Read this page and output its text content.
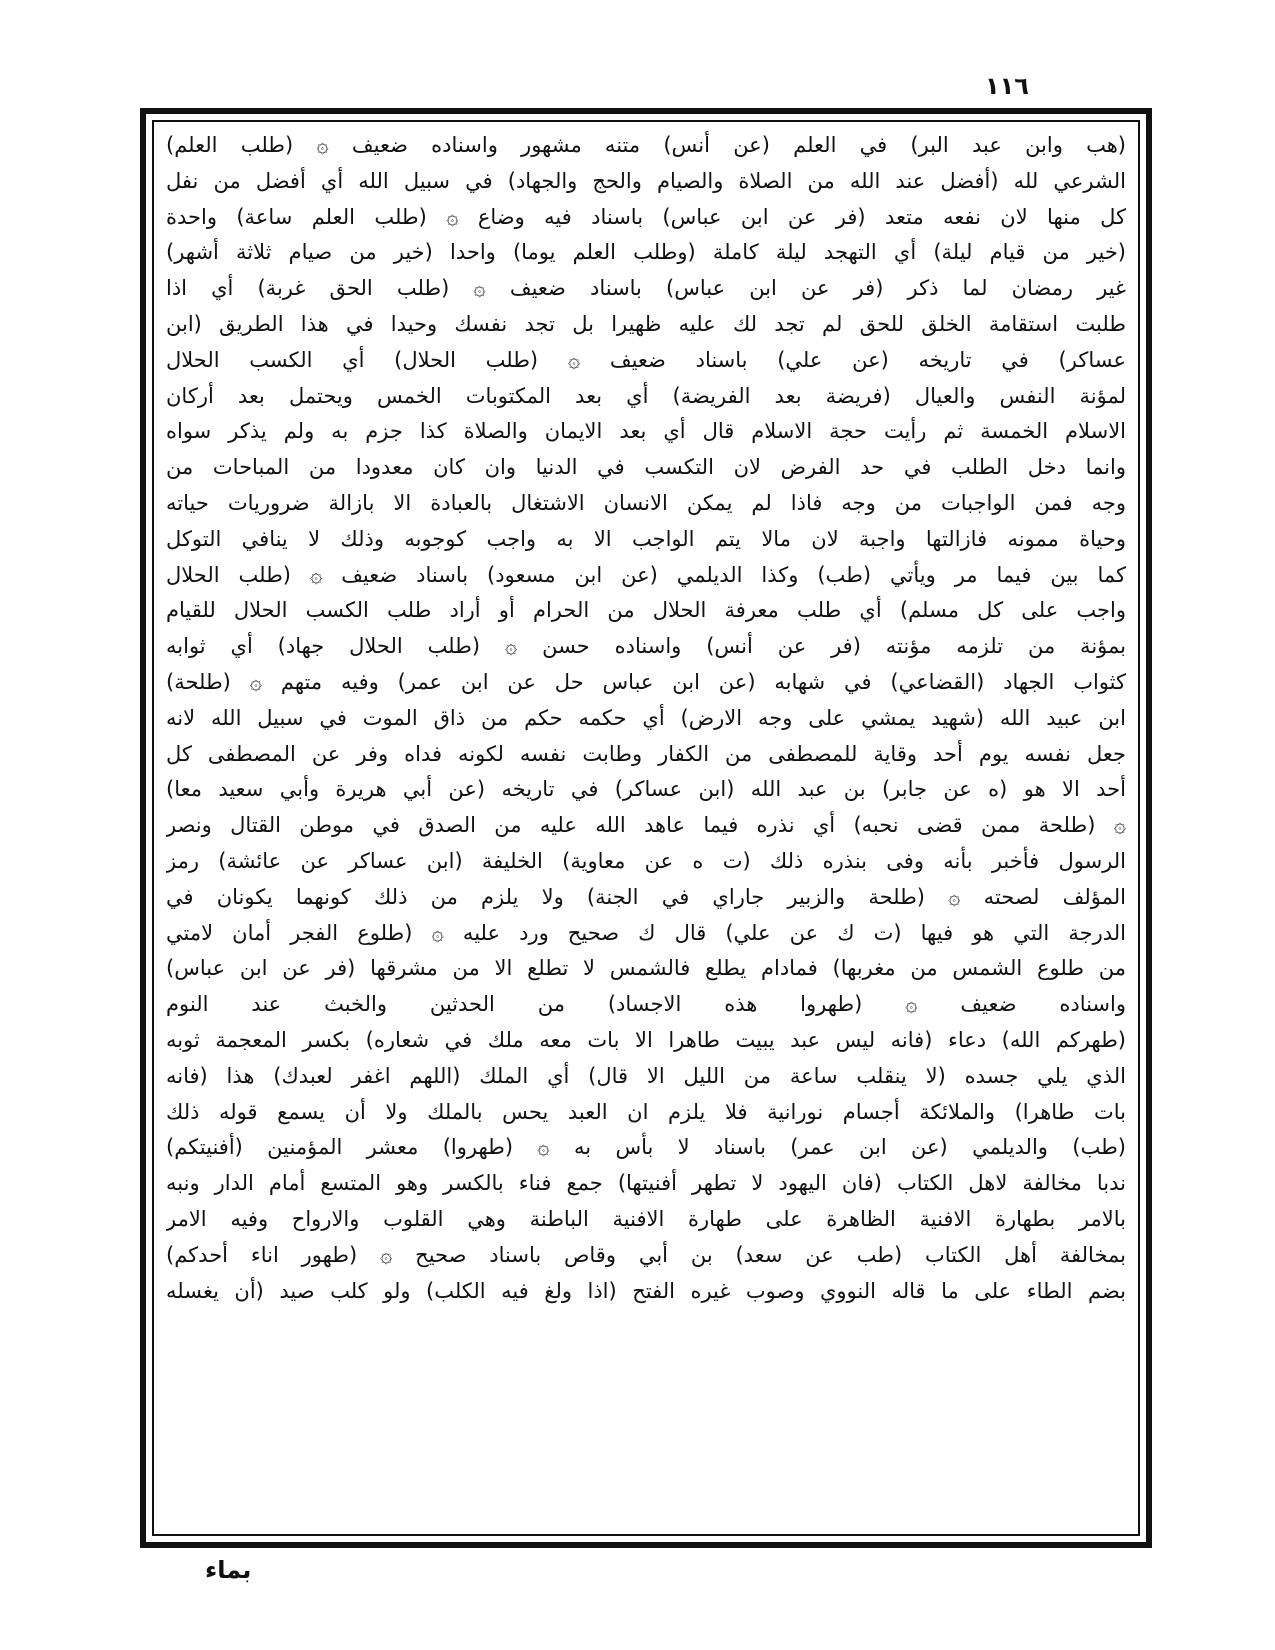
١١٦
(هب وابن عبد البر) في العلم (عن أنس) متنه مشهور واسناده ضعيف ۞ (طلب العلم)
الشرعي لله (أفضل عند الله من الصلاة والصيام والحج والجهاد) في سبيل الله أي أفضل من نفل
كل منها لان نفعه متعد (فر عن ابن عباس) باسناد فيه وضاع ۞ (طلب العلم ساعة) واحدة
(خير من قيام ليلة) أي التهجد ليلة كاملة (وطلب العلم يوما) واحدا (خير من صيام ثلاثة أشهر)
غير رمضان لما ذكر (فر عن ابن عباس) باسناد ضعيف ۞ (طلب الحق غربة) أي اذا
طلبت استقامة الخلق للحق لم تجد لك عليه ظهيرا بل تجد نفسك وحيدا في هذا الطريق (ابن
عساكر) في تاريخه (عن علي) باسناد ضعيف ۞ (طلب الحلال) أي الكسب الحلال
لمؤنة النفس والعيال (فريضة بعد الفريضة) أي بعد المكتوبات الخمس ويحتمل بعد أركان
الاسلام الخمسة ثم رأيت حجة الاسلام قال أي بعد الايمان والصلاة كذا جزم به ولم يذكر سواه
وانما دخل الطلب في حد الفرض لان التكسب في الدنيا وان كان معدودا من المباحات من
وجه فمن الواجبات من وجه فاذا لم يمكن الانسان الاشتغال بالعبادة الا بازالة ضروريات حياته
وحياة ممونه فازالتها واجبة لان مالا يتم الواجب الا به واجب كوجوبه وذلك لا ينافي التوكل
كما بين فيما مر ويأتي (طب) وكذا الديلمي (عن ابن مسعود) باسناد ضعيف ۞ (طلب الحلال
واجب على كل مسلم) أي طلب معرفة الحلال من الحرام أو أراد طلب الكسب الحلال للقيام
بمؤنة من تلزمه مؤنته (فر عن أنس) واسناده حسن ۞ (طلب الحلال جهاد) أي ثوابه
كثواب الجهاد (القضاعي) في شهابه (عن ابن عباس حل عن ابن عمر) وفيه متهم ۞ (طلحة)
ابن عبيد الله (شهيد يمشي على وجه الارض) أي حكمه حكم من ذاق الموت في سبيل الله لانه
جعل نفسه يوم أحد وقاية للمصطفى من الكفار وطابت نفسه لكونه فداه وفر عن المصطفى كل
أحد الا هو (ه عن جابر) بن عبد الله (ابن عساكر) في تاريخه (عن أبي هريرة وأبي سعيد معا)
۞ (طلحة ممن قضى نحبه) أي نذره فيما عاهد الله عليه من الصدق في موطن القتال ونصر
الرسول فأخبر بأنه وفى بنذره ذلك (ت ه عن معاوية) الخليفة (ابن عساكر عن عائشة) رمز
المؤلف لصحته ۞ (طلحة والزبير جاراي في الجنة) ولا يلزم من ذلك كونهما يكونان في
الدرجة التي هو فيها (ت ك عن علي) قال ك صحيح ورد عليه ۞ (طلوع الفجر أمان لامتي
من طلوع الشمس من مغربها) فمادام يطلع فالشمس لا تطلع الا من مشرقها (فر عن ابن عباس)
واسناده ضعيف ۞ (طهروا هذه الاجساد) من الحدثين والخبث عند النوم
(طهركم الله) دعاء (فانه ليس عبد يبيت طاهرا الا بات معه ملك في شعاره) بكسر المعجمة ثوبه
الذي يلي جسده (لا ينقلب ساعة من الليل الا قال) أي الملك (اللهم اغفر لعبدك) هذا (فانه
بات طاهرا) والملائكة أجسام نورانية فلا يلزم ان العبد يحس بالملك ولا أن يسمع قوله ذلك
(طب) والديلمي (عن ابن عمر) باسناد لا بأس به ۞ (طهروا) معشر المؤمنين (أفنيتكم)
ندبا مخالفة لاهل الكتاب (فان اليهود لا تطهر أفنيتها) جمع فناء بالكسر وهو المتسع أمام الدار ونبه
بالامر بطهارة الافنية الظاهرة على طهارة الافنية الباطنة وهي القلوب والارواح وفيه الامر
بمخالفة أهل الكتاب (طب عن سعد) بن أبي وقاص باسناد صحيح ۞ (طهور اناء أحدكم)
بضم الطاء على ما قاله النووي وصوب غيره الفتح (اذا ولغ فيه الكلب) ولو كلب صيد (أن يغسله
بماء
